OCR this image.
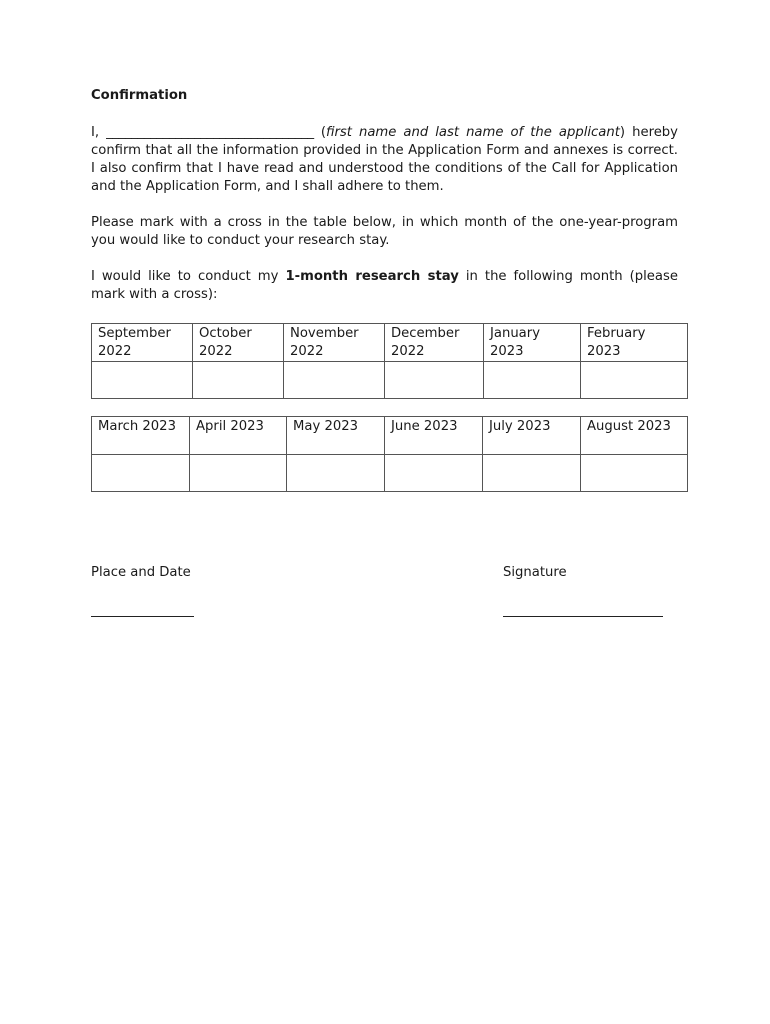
Confirmation

I, _________________________________ (first name and last name of the applicant) hereby confirm that all the information provided in the Application Form and annexes is correct. I also confirm that I have read and understood the conditions of the Call for Application and the Application Form, and I shall adhere to them.

Please mark with a cross in the table below, in which month of the one-year-program you would like to conduct your research stay.

I would like to conduct my 1-month research stay in the following month (please mark with a cross):

September 2022	October 2022	November 2022	December 2022	January 2023	February 2023

March 2023	April 2023	May 2023	June 2023	July 2023	August 2023

Place and Date	Signature
